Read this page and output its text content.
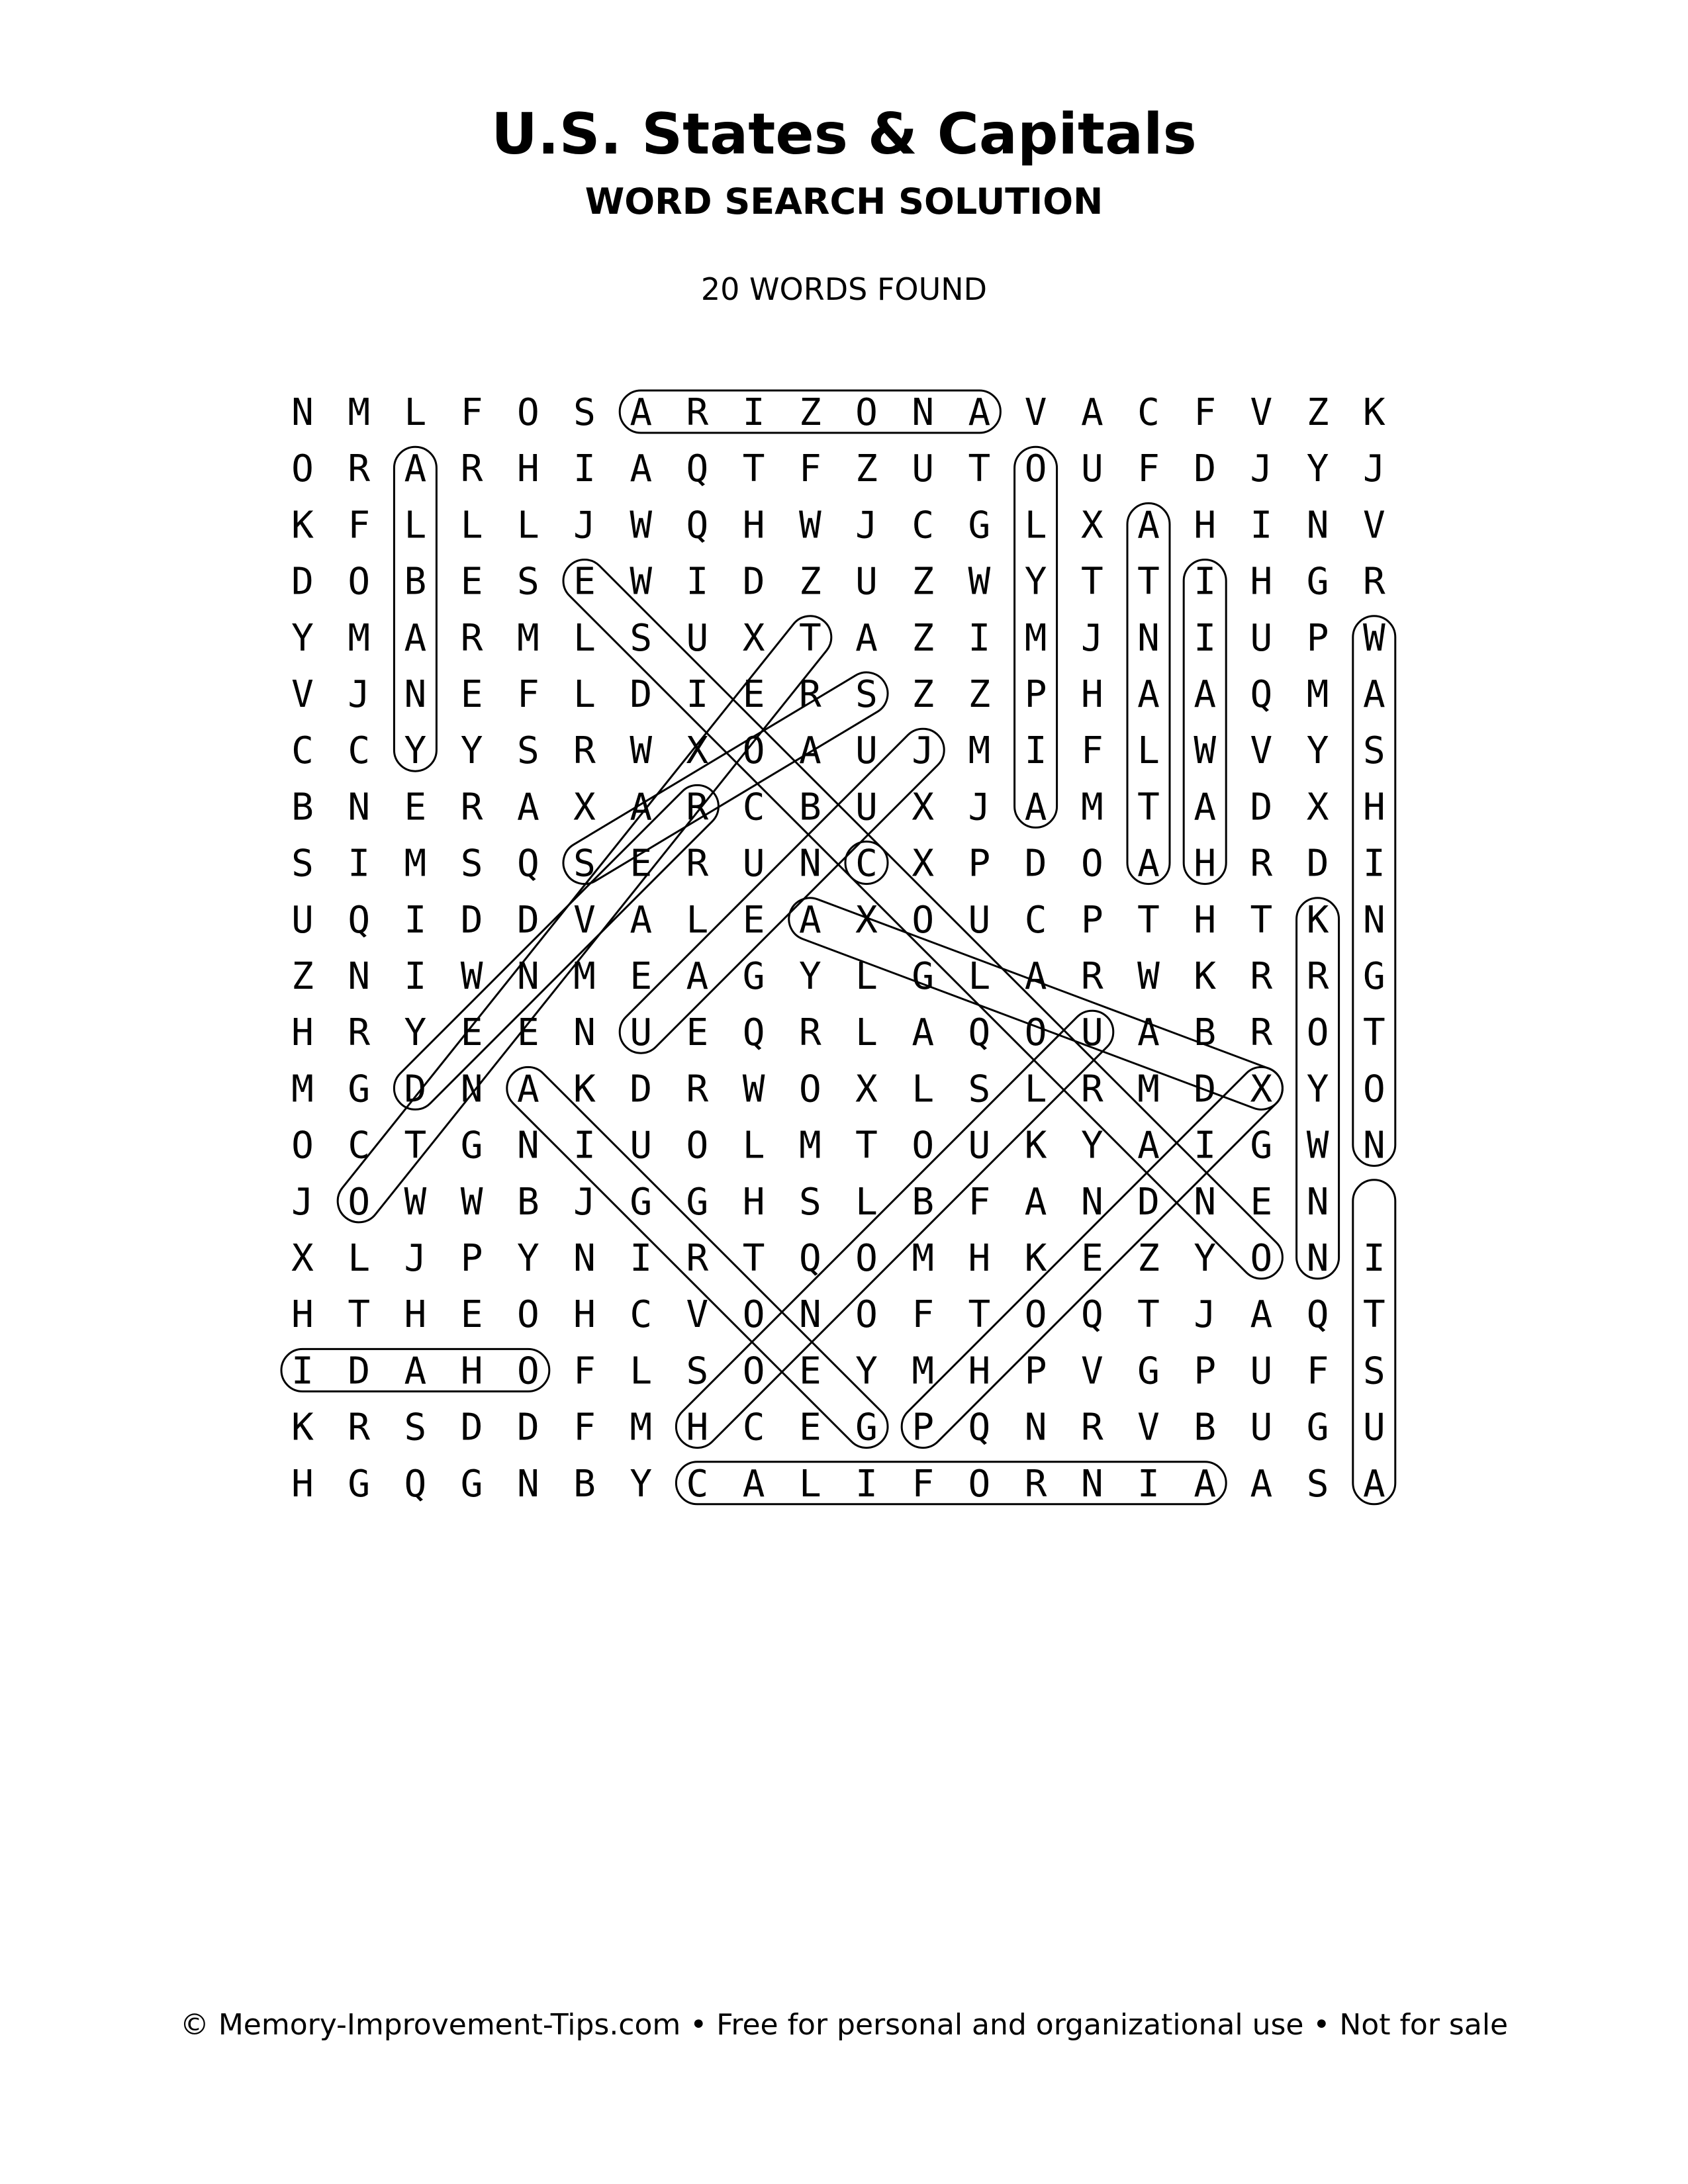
U.S. States & Capitals
WORD SEARCH SOLUTION
20 WORDS FOUND
N M L F O S A R I Z O N A V A C F V Z K
O R A R H I A Q T F Z U T O U F D J Y J
K F L L L J W Q H W J C G L X A H I N V
D O B E S E W I D Z U Z W Y T T I H G R
Y M A R M L S U X T A Z I M J N I U P W
V J N E F L D I E R S Z Z P H A A Q M A
C C Y Y S R W X O A U J M I F L W V Y S
B N E R A X A R C B U X J A M T A D X H
S I M S Q S E R U N C X P D O A H R D I
U Q I D D V A L E A X O U C P T H T K N
Z N I W N M E A G Y L G L A R W K R R G
H R Y E E N U E Q R L A Q O U A B R O T
M G D N A K D R W O X L S L R M D X Y O
O C T G N I U O L M T O U K Y A I G W N
J O W W B J G G H S L B F A N D N E N
X L J P Y N I R T Q O M H K E Z Y O N I
H T H E O H C V O N O F T O Q T J A Q T
I D A H O F L S O E Y M H P V G P U F S
K R S D D F M H C E G P Q N R V B U G U
H G Q G N B Y C A L I F O R N I A A S A
© Memory-Improvement-Tips.com • Free for personal and organizational use • Not for sale
